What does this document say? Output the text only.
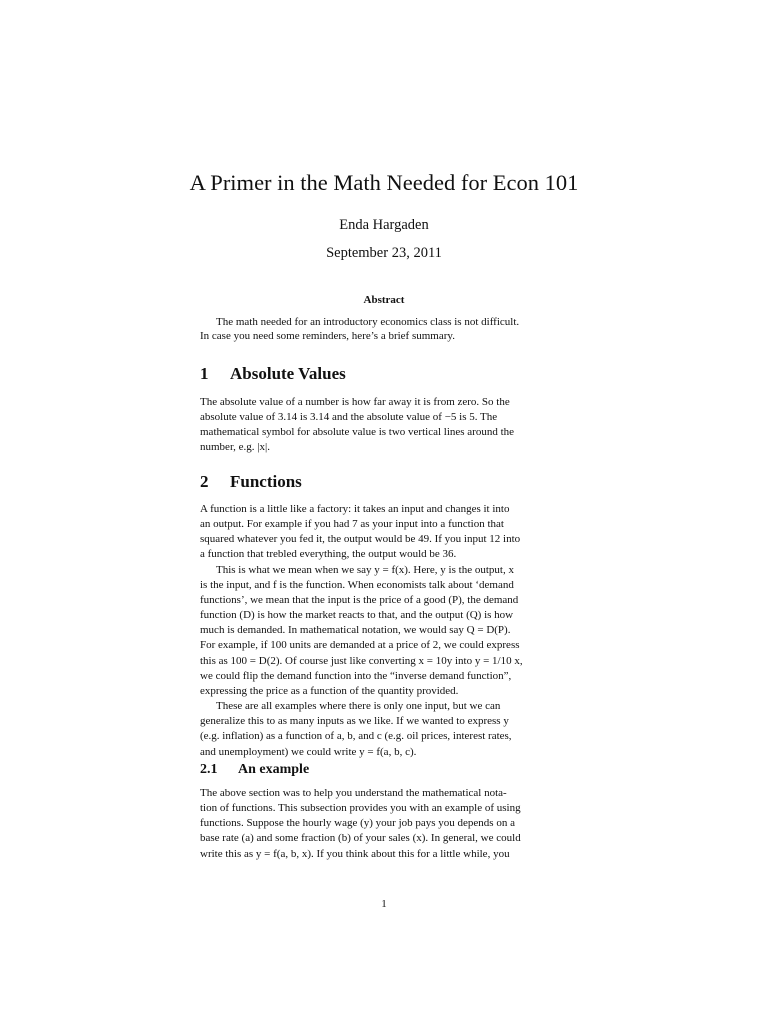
A Primer in the Math Needed for Econ 101
Enda Hargaden
September 23, 2011
Abstract
The math needed for an introductory economics class is not difficult.
In case you need some reminders, here’s a brief summary.
1 Absolute Values
The absolute value of a number is how far away it is from zero. So the
absolute value of 3.14 is 3.14 and the absolute value of −5 is 5. The
mathematical symbol for absolute value is two vertical lines around the
number, e.g. |x|.
2 Functions
A function is a little like a factory: it takes an input and changes it into
an output. For example if you had 7 as your input into a function that
squared whatever you fed it, the output would be 49. If you input 12 into
a function that trebled everything, the output would be 36.
This is what we mean when we say y = f(x). Here, y is the output, x
is the input, and f is the function. When economists talk about ‘demand
functions’, we mean that the input is the price of a good (P), the demand
function (D) is how the market reacts to that, and the output (Q) is how
much is demanded. In mathematical notation, we would say Q = D(P).
For example, if 100 units are demanded at a price of 2, we could express
this as 100 = D(2). Of course just like converting x = 10y into y = 1/10 x,
we could flip the demand function into the “inverse demand function”,
expressing the price as a function of the quantity provided.
These are all examples where there is only one input, but we can
generalize this to as many inputs as we like. If we wanted to express y
(e.g. inflation) as a function of a, b, and c (e.g. oil prices, interest rates,
and unemployment) we could write y = f(a, b, c).
2.1 An example
The above section was to help you understand the mathematical nota-
tion of functions. This subsection provides you with an example of using
functions. Suppose the hourly wage (y) your job pays you depends on a
base rate (a) and some fraction (b) of your sales (x). In general, we could
write this as y = f(a, b, x). If you think about this for a little while, you
1
